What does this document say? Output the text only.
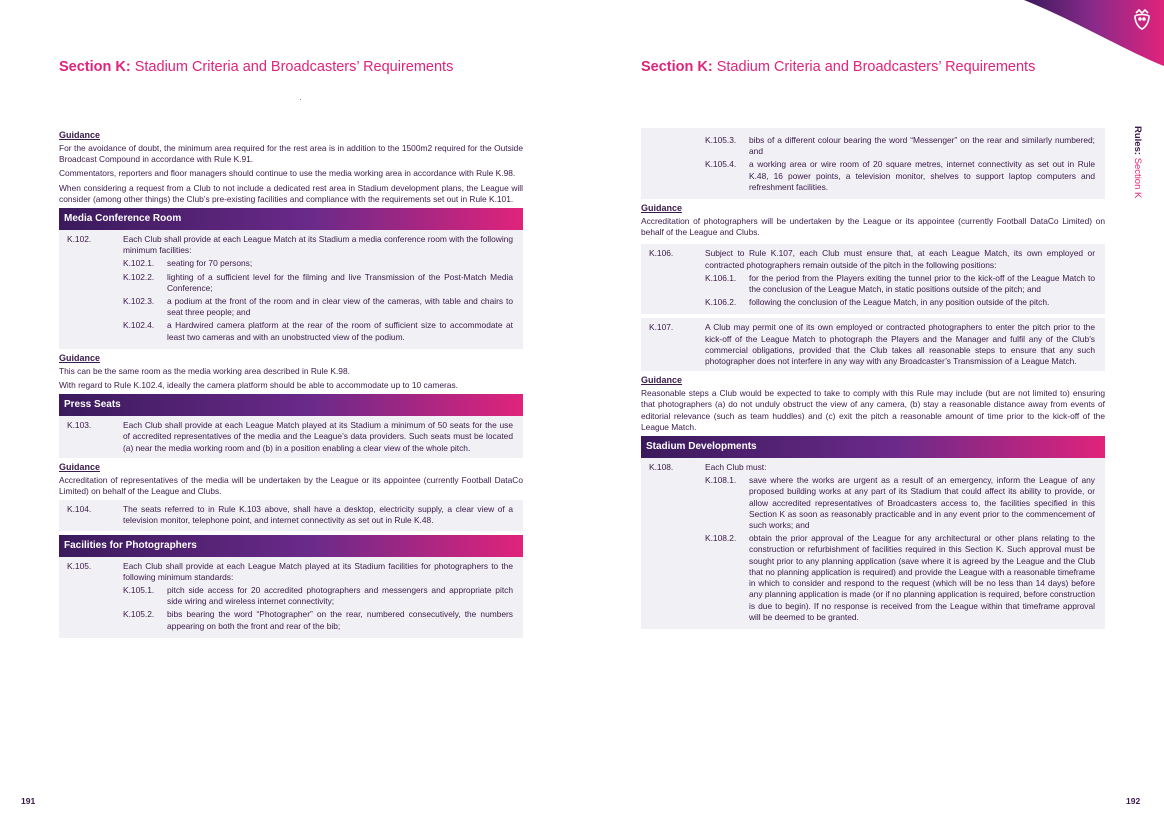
Section K: Stadium Criteria and Broadcasters’ Requirements
Guidance

For the avoidance of doubt, the minimum area required for the rest area is in addition to the 1500m2 required for the Outside Broadcast Compound in accordance with Rule K.91.

Commentators, reporters and floor managers should continue to use the media working area in accordance with Rule K.98.

When considering a request from a Club to not include a dedicated rest area in Stadium development plans, the League will consider (among other things) the Club’s pre-existing facilities and compliance with the requirements set out in Rule K.101.

Media Conference Room
K.102.	Each Club shall provide at each League Match at its Stadium a media conference room with the following minimum facilities:
K.102.1.	seating for 70 persons;
K.102.2.	lighting of a sufficient level for the filming and live Transmission of the Post-Match Media Conference;
K.102.3.	a podium at the front of the room and in clear view of the cameras, with table and chairs to seat three people; and
K.102.4.	a Hardwired camera platform at the rear of the room of sufficient size to accommodate at least two cameras and with an unobstructed view of the podium.
Guidance

This can be the same room as the media working area described in Rule K.98.

With regard to Rule K.102.4, ideally the camera platform should be able to accommodate up to 10 cameras.

Press Seats
K.103.	Each Club shall provide at each League Match played at its Stadium a minimum of 50 seats for the use of accredited representatives of the media and the League’s data providers. Such seats must be located (a) near the media working room and (b) in a position enabling a clear view of the whole pitch.
Guidance

Accreditation of representatives of the media will be undertaken by the League or its appointee (currently Football DataCo Limited) on behalf of the League and Clubs.

K.104.	The seats referred to in Rule K.103 above, shall have a desktop, electricity supply, a clear view of a television monitor, telephone point, and internet connectivity as set out in Rule K.48.
Facilities for Photographers
K.105.	Each Club shall provide at each League Match played at its Stadium facilities for photographers to the following minimum standards:
K.105.1.	pitch side access for 20 accredited photographers and messengers and appropriate pitch side wiring and wireless internet connectivity;
K.105.2.	bibs bearing the word “Photographer” on the rear, numbered consecutively, the numbers appearing on both the front and rear of the bib;
191
Section K: Stadium Criteria and Broadcasters’ Requirements
Rules: Section K
K.105.3.	bibs of a different colour bearing the word “Messenger” on the rear and similarly numbered; and
K.105.4.	a working area or wire room of 20 square metres, internet connectivity as set out in Rule K.48, 16 power points, a television monitor, shelves to support laptop computers and refreshment facilities.
Guidance

Accreditation of photographers will be undertaken by the League or its appointee (currently Football DataCo Limited) on behalf of the League and Clubs.

K.106.	Subject to Rule K.107, each Club must ensure that, at each League Match, its own employed or contracted photographers remain outside of the pitch in the following positions:
K.106.1.	for the period from the Players exiting the tunnel prior to the kick-off of the League Match to the conclusion of the League Match, in static positions outside of the pitch; and
K.106.2.	following the conclusion of the League Match, in any position outside of the pitch.
K.107.	A Club may permit one of its own employed or contracted photographers to enter the pitch prior to the kick-off of the League Match to photograph the Players and the Manager and fulfil any of the Club’s commercial obligations, provided that the Club takes all reasonable steps to ensure that any such photographer does not interfere in any way with any Broadcaster’s Transmission of a League Match.
Guidance

Reasonable steps a Club would be expected to take to comply with this Rule may include (but are not limited to) ensuring that photographers (a) do not unduly obstruct the view of any camera, (b) stay a reasonable distance away from events of editorial relevance (such as team huddles) and (c) exit the pitch a reasonable amount of time prior to the kick-off of the League Match.

Stadium Developments
K.108.	Each Club must:
K.108.1.	save where the works are urgent as a result of an emergency, inform the League of any proposed building works at any part of its Stadium that could affect its ability to provide, or allow accredited representatives of Broadcasters access to, the facilities specified in this Section K as soon as reasonably practicable and in any event prior to the commencement of such works; and
K.108.2.	obtain the prior approval of the League for any architectural or other plans relating to the construction or refurbishment of facilities required in this Section K. Such approval must be sought prior to any planning application (save where it is agreed by the League and the Club that no planning application is required) and provide the League with a reasonable timeframe in which to consider and respond to the request (which will be no less than 14 days) before any planning application is made (or if no planning application is required, before construction is due to begin). If no response is received from the League within that timeframe approval will be deemed to be granted.
192
